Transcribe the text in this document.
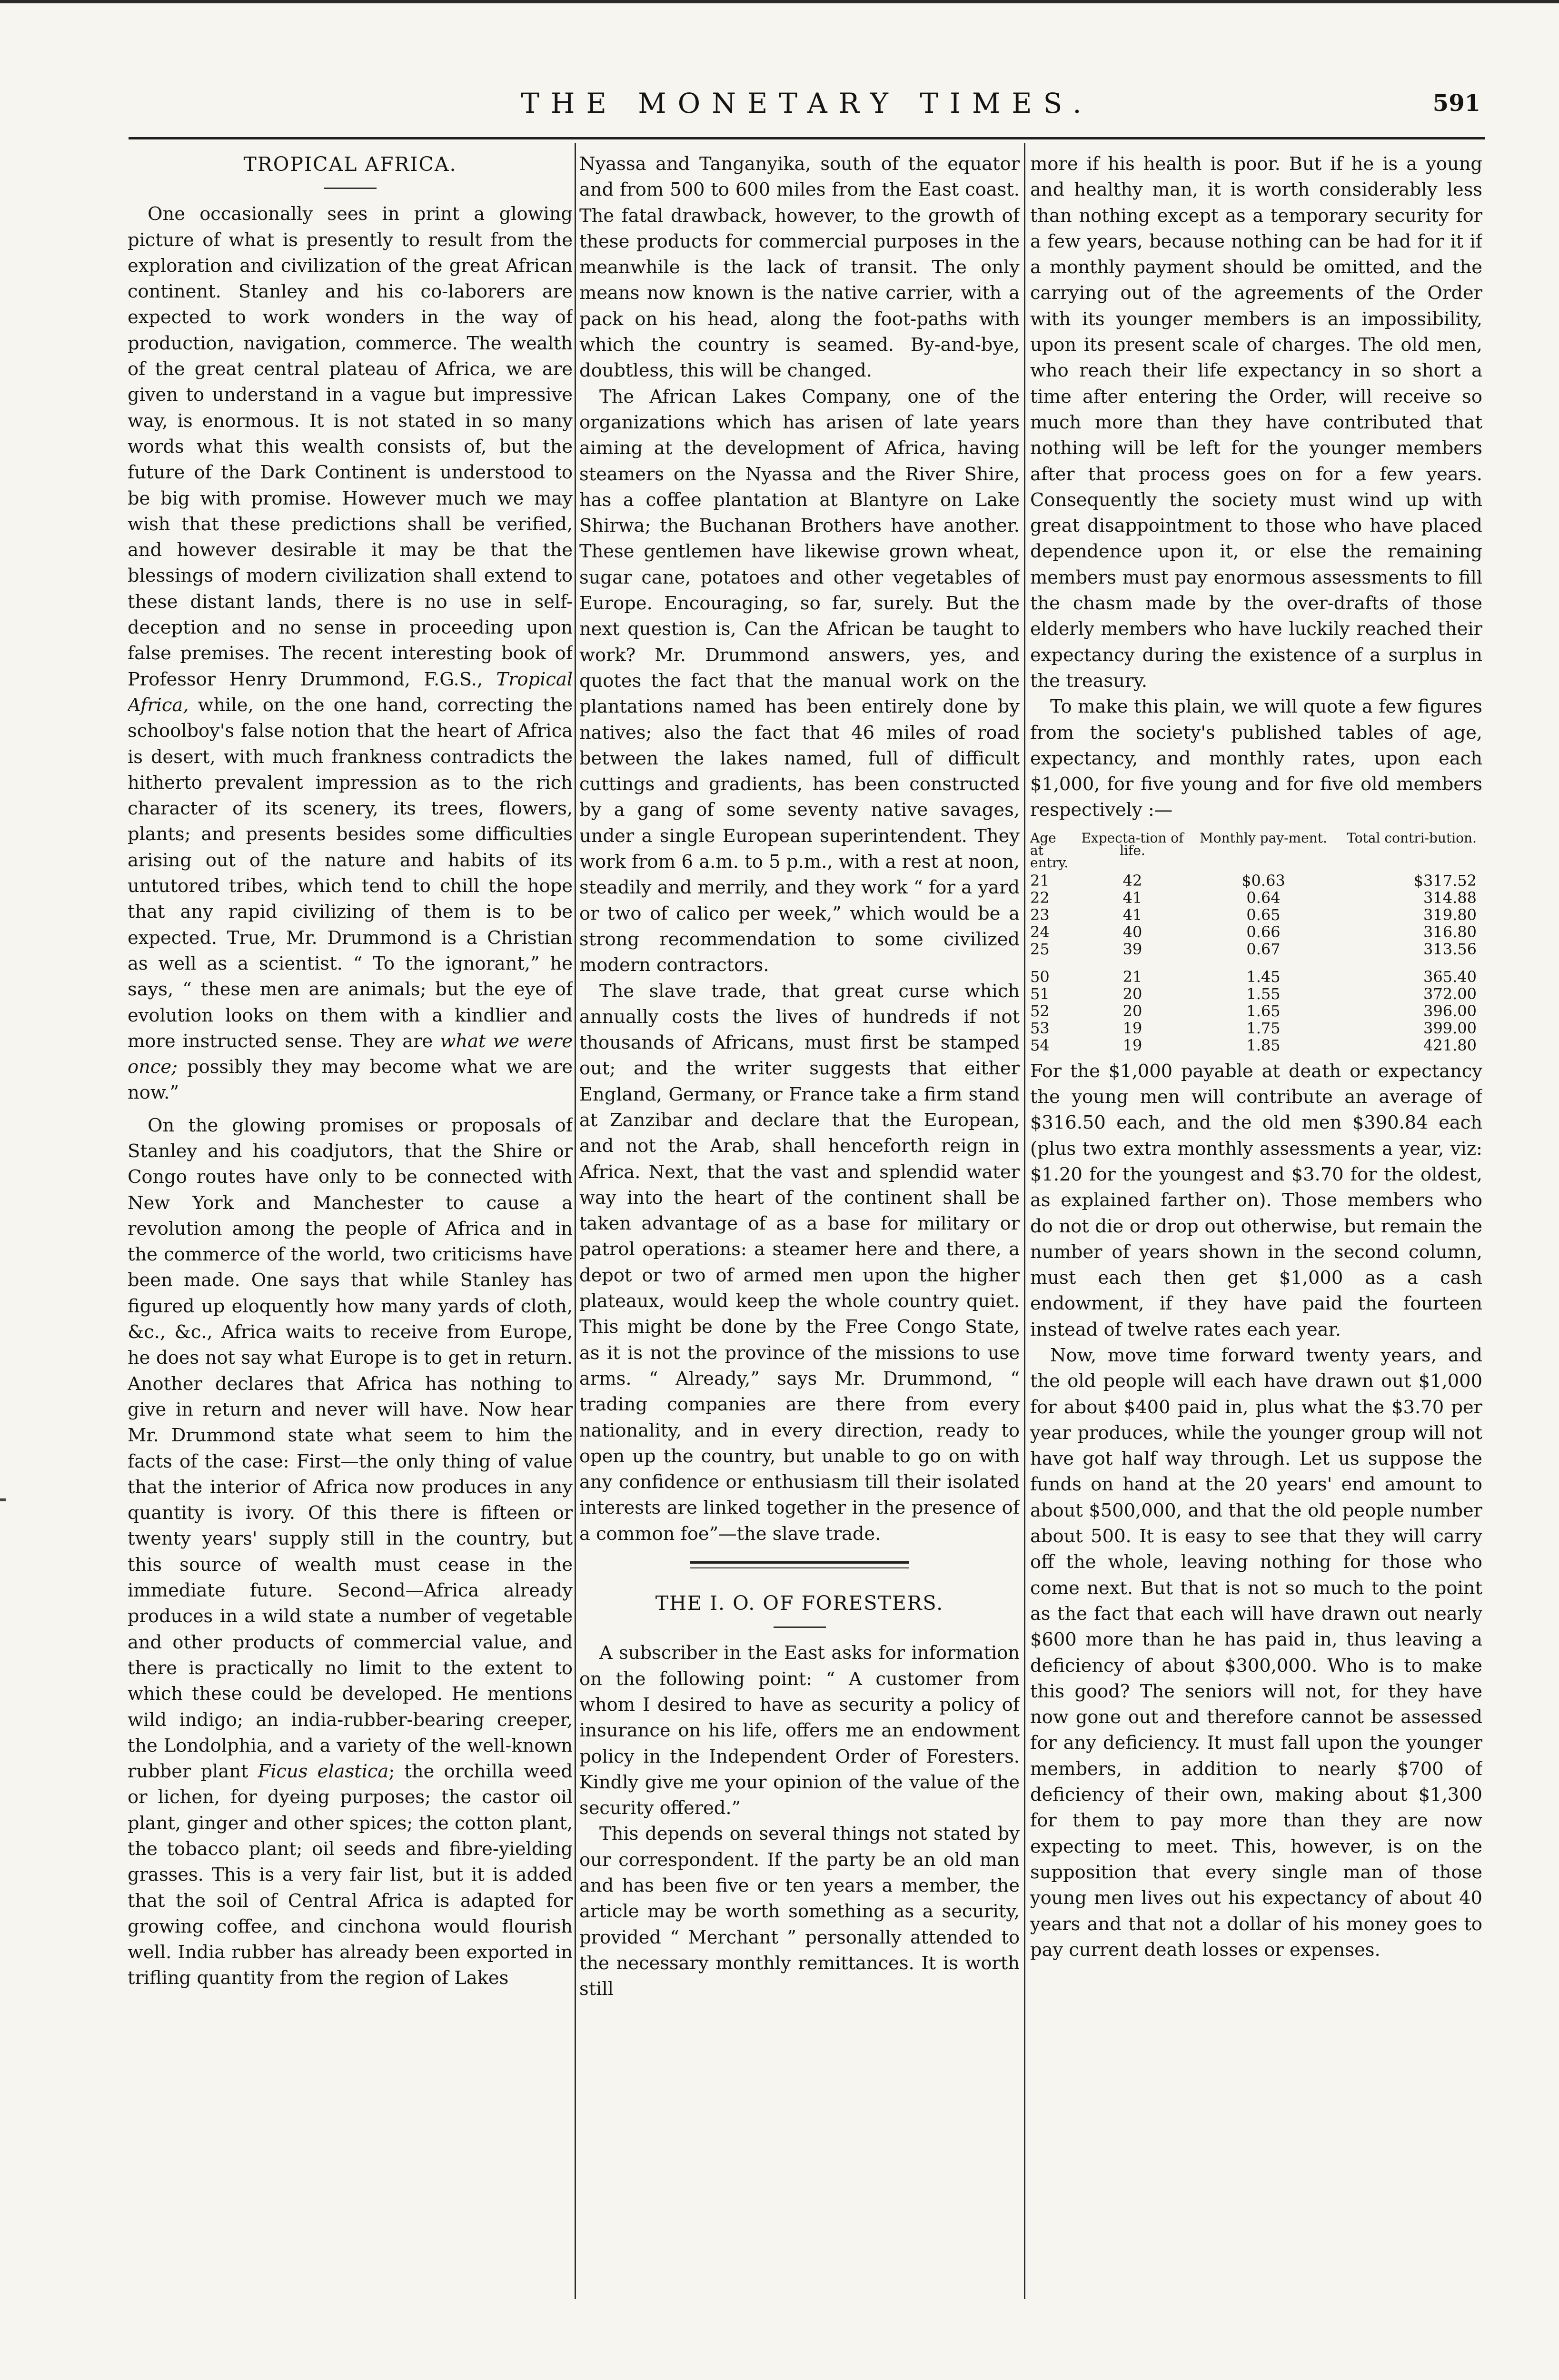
THE MONETARY TIMES.	591
TROPICAL AFRICA.

One occasionally sees in print a glowing picture of what is presently to result from the exploration and civilization of the great African continent. Stanley and his co-laborers are expected to work wonders in the way of production, navigation, commerce. The wealth of the great central plateau of Africa, we are given to understand in a vague but impressive way, is enormous. It is not stated in so many words what this wealth consists of, but the future of the Dark Continent is understood to be big with promise. However much we may wish that these predictions shall be verified, and however desirable it may be that the blessings of modern civilization shall extend to these distant lands, there is no use in self-deception and no sense in proceeding upon false premises. The recent interesting book of Professor Henry Drummond, F.G.S., Tropical Africa, while, on the one hand, correcting the schoolboy's false notion that the heart of Africa is desert, with much frankness contradicts the hitherto prevalent impression as to the rich character of its scenery, its trees, flowers, plants; and presents besides some difficulties arising out of the nature and habits of its untutored tribes, which tend to chill the hope that any rapid civilizing of them is to be expected. True, Mr. Drummond is a Christian as well as a scientist. “ To the ignorant,” he says, “ these men are animals; but the eye of evolution looks on them with a kindlier and more instructed sense. They are what we were once; possibly they may become what we are now.”

On the glowing promises or proposals of Stanley and his coadjutors, that the Shire or Congo routes have only to be connected with New York and Manchester to cause a revolution among the people of Africa and in the commerce of the world, two criticisms have been made. One says that while Stanley has figured up eloquently how many yards of cloth, &c., &c., Africa waits to receive from Europe, he does not say what Europe is to get in return. Another declares that Africa has nothing to give in return and never will have. Now hear Mr. Drummond state what seem to him the facts of the case: First—the only thing of value that the interior of Africa now produces in any quantity is ivory. Of this there is fifteen or twenty years' supply still in the country, but this source of wealth must cease in the immediate future. Second—Africa already produces in a wild state a number of vegetable and other products of commercial value, and there is practically no limit to the extent to which these could be developed. He mentions wild indigo; an india-rubber-bearing creeper, the Londolphia, and a variety of the well-known rubber plant Ficus elastica; the orchilla weed or lichen, for dyeing purposes; the castor oil plant, ginger and other spices; the cotton plant, the tobacco plant; oil seeds and fibre-yielding grasses. This is a very fair list, but it is added that the soil of Central Africa is adapted for growing coffee, and cinchona would flourish well. India rubber has already been exported in trifling quantity from the region of Lakes

Nyassa and Tanganyika, south of the equator and from 500 to 600 miles from the East coast. The fatal drawback, however, to the growth of these products for commercial purposes in the meanwhile is the lack of transit. The only means now known is the native carrier, with a pack on his head, along the foot-paths with which the country is seamed. By-and-bye, doubtless, this will be changed.

The African Lakes Company, one of the organizations which has arisen of late years aiming at the development of Africa, having steamers on the Nyassa and the River Shire, has a coffee plantation at Blantyre on Lake Shirwa; the Buchanan Brothers have another. These gentlemen have likewise grown wheat, sugar cane, potatoes and other vegetables of Europe. Encouraging, so far, surely. But the next question is, Can the African be taught to work? Mr. Drummond answers, yes, and quotes the fact that the manual work on the plantations named has been entirely done by natives; also the fact that 46 miles of road between the lakes named, full of difficult cuttings and gradients, has been constructed by a gang of some seventy native savages, under a single European superintendent. They work from 6 a.m. to 5 p.m., with a rest at noon, steadily and merrily, and they work “ for a yard or two of calico per week,” which would be a strong recommendation to some civilized modern contractors.

The slave trade, that great curse which annually costs the lives of hundreds if not thousands of Africans, must first be stamped out; and the writer suggests that either England, Germany, or France take a firm stand at Zanzibar and declare that the European, and not the Arab, shall henceforth reign in Africa. Next, that the vast and splendid water way into the heart of the continent shall be taken advantage of as a base for military or patrol operations: a steamer here and there, a depot or two of armed men upon the higher plateaux, would keep the whole country quiet. This might be done by the Free Congo State, as it is not the province of the missions to use arms. “ Already,” says Mr. Drummond, “ trading companies are there from every nationality, and in every direction, ready to open up the country, but unable to go on with any confidence or enthusiasm till their isolated interests are linked together in the presence of a common foe”—the slave trade.

THE I. O. OF FORESTERS.

A subscriber in the East asks for information on the following point: “ A customer from whom I desired to have as security a policy of insurance on his life, offers me an endowment policy in the Independent Order of Foresters. Kindly give me your opinion of the value of the security offered.”

This depends on several things not stated by our correspondent. If the party be an old man and has been five or ten years a member, the article may be worth something as a security, provided “ Merchant ” personally attended to the necessary monthly remittances. It is worth still

more if his health is poor. But if he is a young and healthy man, it is worth considerably less than nothing except as a temporary security for a few years, because nothing can be had for it if a monthly payment should be omitted, and the carrying out of the agreements of the Order with its younger members is an impossibility, upon its present scale of charges. The old men, who reach their life expectancy in so short a time after entering the Order, will receive so much more than they have contributed that nothing will be left for the younger members after that process goes on for a few years. Consequently the society must wind up with great disappointment to those who have placed dependence upon it, or else the remaining members must pay enormous assessments to fill the chasm made by the over-drafts of those elderly members who have luckily reached their expectancy during the existence of a surplus in the treasury.

To make this plain, we will quote a few figures from the society's published tables of age, expectancy, and monthly rates, upon each $1,000, for five young and for five old members respectively :—

Age at entry.	Expecta-tion of life.	Monthly pay-ment.	Total contri-bution.
21	42	$0.63	$317.52
22	41	0.64	314.88
23	41	0.65	319.80
24	40	0.66	316.80
25	39	0.67	313.56

50	21	1.45	365.40
51	20	1.55	372.00
52	20	1.65	396.00
53	19	1.75	399.00
54	19	1.85	421.80

For the $1,000 payable at death or expectancy the young men will contribute an average of $316.50 each, and the old men $390.84 each (plus two extra monthly assessments a year, viz: $1.20 for the youngest and $3.70 for the oldest, as explained farther on). Those members who do not die or drop out otherwise, but remain the number of years shown in the second column, must each then get $1,000 as a cash endowment, if they have paid the fourteen instead of twelve rates each year.

Now, move time forward twenty years, and the old people will each have drawn out $1,000 for about $400 paid in, plus what the $3.70 per year produces, while the younger group will not have got half way through. Let us suppose the funds on hand at the 20 years' end amount to about $500,000, and that the old people number about 500. It is easy to see that they will carry off the whole, leaving nothing for those who come next. But that is not so much to the point as the fact that each will have drawn out nearly $600 more than he has paid in, thus leaving a deficiency of about $300,000. Who is to make this good? The seniors will not, for they have now gone out and therefore cannot be assessed for any deficiency. It must fall upon the younger members, in addition to nearly $700 of deficiency of their own, making about $1,300 for them to pay more than they are now expecting to meet. This, however, is on the supposition that every single man of those young men lives out his expectancy of about 40 years and that not a dollar of his money goes to pay current death losses or expenses.
